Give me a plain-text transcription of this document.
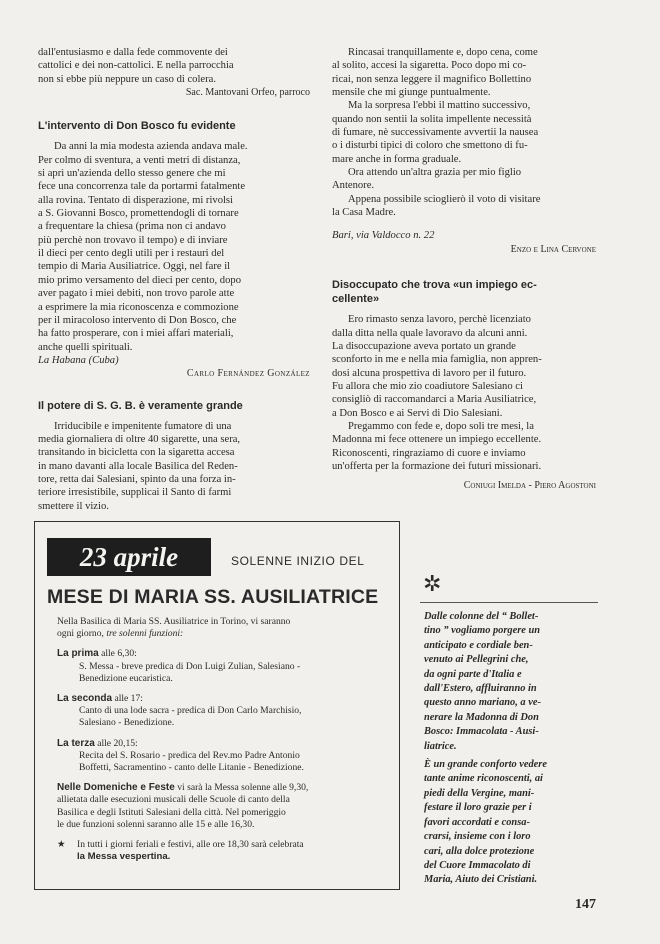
dall'entusiasmo e dalla fede commovente dei

cattolici e dei non-cattolici. E nella parrocchia

non si ebbe più neppure un caso di colera.

Sac. Mantovani Orfeo, parroco

L'intervento di Don Bosco fu evidente

Da anni la mia modesta azienda andava male.

Per colmo di sventura, a venti metri di distanza,

si aprì un'azienda dello stesso genere che mi

fece una concorrenza tale da portarmi fatalmente

alla rovina. Tentato di disperazione, mi rivolsi

a S. Giovanni Bosco, promettendogli di tornare

a frequentare la chiesa (prima non ci andavo

più perchè non trovavo il tempo) e di inviare

il dieci per cento degli utili per i restauri del

tempio di Maria Ausiliatrice. Oggi, nel fare il

mio primo versamento del dieci per cento, dopo

aver pagato i miei debiti, non trovo parole atte

a esprimere la mia riconoscenza e commozione

per il miracoloso intervento di Don Bosco, che

ha fatto prosperare, con i miei affari materiali,

anche quelli spirituali.

La Habana (Cuba)

Carlo Fernández González

Il potere di S. G. B. è veramente grande

Irriducibile e impenitente fumatore di una

media giornaliera di oltre 40 sigarette, una sera,

transitando in bicicletta con la sigaretta accesa

in mano davanti alla locale Basilica del Reden-

tore, retta dai Salesiani, spinto da una forza in-

teriore irresistibile, supplicai il Santo di farmi

smettere il vizio.

Rincasai tranquillamente e, dopo cena, come

al solito, accesi la sigaretta. Poco dopo mi co-

ricai, non senza leggere il magnifico Bollettino

mensile che mi giunge puntualmente.

Ma la sorpresa l'ebbi il mattino successivo,

quando non sentii la solita impellente necessità

di fumare, nè successivamente avvertii la nausea

o i disturbi tipici di coloro che smettono di fu-

mare anche in forma graduale.

Ora attendo un'altra grazia per mio figlio

Antenore.

Appena possibile scioglierò il voto di visitare

la Casa Madre.

Bari, via Valdocco n. 22

Enzo e Lina Cervone

Disoccupato che trova «un impiego ec-
cellente»

Ero rimasto senza lavoro, perchè licenziato

dalla ditta nella quale lavoravo da alcuni anni.

La disoccupazione aveva portato un grande

sconforto in me e nella mia famiglia, non appren-

dosi alcuna prospettiva di lavoro per il futuro.

Fu allora che mio zio coadiutore Salesiano ci

consigliò di raccomandarci a Maria Ausiliatrice,

a Don Bosco e ai Servi di Dio Salesiani.

Pregammo con fede e, dopo soli tre mesi, la

Madonna mi fece ottenere un impiego eccellente.

Riconoscenti, ringraziamo di cuore e inviamo

un'offerta per la formazione dei futuri missionari.

Coniugi Imelda - Piero Agostoni

23 aprile	SOLENNE INIZIO DEL
MESE DI MARIA SS. AUSILIATRICE

Nella Basilica di Maria SS. Ausiliatrice in Torino, vi saranno

ogni giorno, tre solenni funzioni:

La prima alle 6,30:

S. Messa - breve predica di Don Luigi Zulian, Salesiano -

Benedizione eucaristica.

La seconda alle 17:

Canto di una lode sacra - predica di Don Carlo Marchisio,

Salesiano - Benedizione.

La terza alle 20,15:

Recita del S. Rosario - predica del Rev.mo Padre Antonio

Boffetti, Sacramentino - canto delle Litanie - Benedizione.

Nelle Domeniche e Feste vi sarà la Messa solenne alle 9,30,

allietata dalle esecuzioni musicali delle Scuole di canto della

Basilica e degli Istituti Salesiani della città. Nel pomeriggio

le due funzioni solenni saranno alle 15 e alle 16,30.

★	In tutti i giorni feriali e festivi, alle ore 18,30 sarà celebrata

la Messa vespertina.

✲

Dalle colonne del “ Bollet-

tino ” vogliamo porgere un

anticipato e cordiale ben-

venuto ai Pellegrini che,

da ogni parte d'Italia e

dall'Estero, affluiranno in

questo anno mariano, a ve-

nerare la Madonna di Don

Bosco: Immacolata - Ausi-

liatrice.

È un grande conforto vedere

tante anime riconoscenti, ai

piedi della Vergine, mani-

festare il loro grazie per i

favori accordati e consa-

crarsi, insieme con i loro

cari, alla dolce protezione

del Cuore Immacolato di

Maria, Aiuto dei Cristiani.

147
